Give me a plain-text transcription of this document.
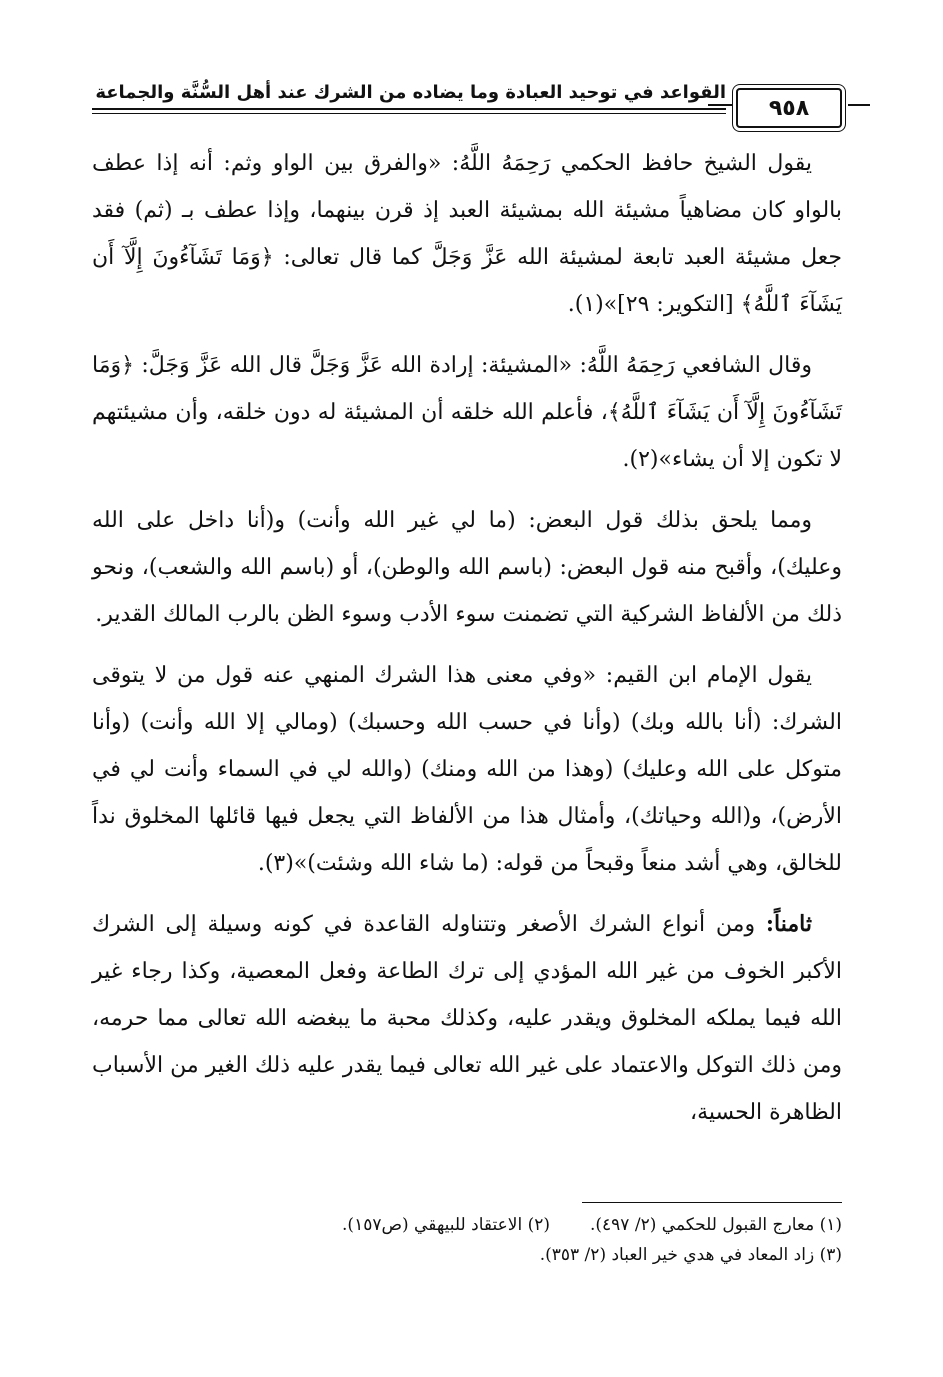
القواعد في توحيد العبادة وما يضاده من الشرك عند أهل السُّنَّة والجماعة
٩٥٨

يقول الشيخ حافظ الحكمي رَحِمَهُ اللَّهُ: «والفرق بين الواو وثم: أنه إذا عطف بالواو كان مضاهياً مشيئة الله بمشيئة العبد إذ قرن بينهما، وإذا عطف بـ (ثم) فقد جعل مشيئة العبد تابعة لمشيئة الله عَزَّ وَجَلَّ كما قال تعالى: ﴿وَمَا تَشَآءُونَ إِلَّآ أَن يَشَآءَ ٱللَّهُ﴾ [التكوير: ٢٩]»(١).

وقال الشافعي رَحِمَهُ اللَّهُ: «المشيئة: إرادة الله عَزَّ وَجَلَّ قال الله عَزَّ وَجَلَّ: ﴿وَمَا تَشَآءُونَ إِلَّآ أَن يَشَآءَ ٱللَّهُ﴾، فأعلم الله خلقه أن المشيئة له دون خلقه، وأن مشيئتهم لا تكون إلا أن يشاء»(٢).

ومما يلحق بذلك قول البعض: (ما لي غير الله وأنت) و(أنا داخل على الله وعليك)، وأقبح منه قول البعض: (باسم الله والوطن)، أو (باسم الله والشعب)، ونحو ذلك من الألفاظ الشركية التي تضمنت سوء الأدب وسوء الظن بالرب المالك القدير.

يقول الإمام ابن القيم: «وفي معنى هذا الشرك المنهي عنه قول من لا يتوقى الشرك: (أنا بالله وبك) (وأنا في حسب الله وحسبك) (ومالي إلا الله وأنت) (وأنا متوكل على الله وعليك) (وهذا من الله ومنك) (والله لي في السماء وأنت لي في الأرض)، و(الله وحياتك)، وأمثال هذا من الألفاظ التي يجعل فيها قائلها المخلوق نداً للخالق، وهي أشد منعاً وقبحاً من قوله: (ما شاء الله وشئت)»(٣).

ثامناً: ومن أنواع الشرك الأصغر وتتناوله القاعدة في كونه وسيلة إلى الشرك الأكبر الخوف من غير الله المؤدي إلى ترك الطاعة وفعل المعصية، وكذا رجاء غير الله فيما يملكه المخلوق ويقدر عليه، وكذلك محبة ما يبغضه الله تعالى مما حرمه، ومن ذلك التوكل والاعتماد على غير الله تعالى فيما يقدر عليه ذلك الغير من الأسباب الظاهرة الحسية،

(١) معارج القبول للحكمي (٢/ ٤٩٧).
(٢) الاعتقاد للبيهقي (ص١٥٧).
(٣) زاد المعاد في هدي خير العباد (٢/ ٣٥٣).
